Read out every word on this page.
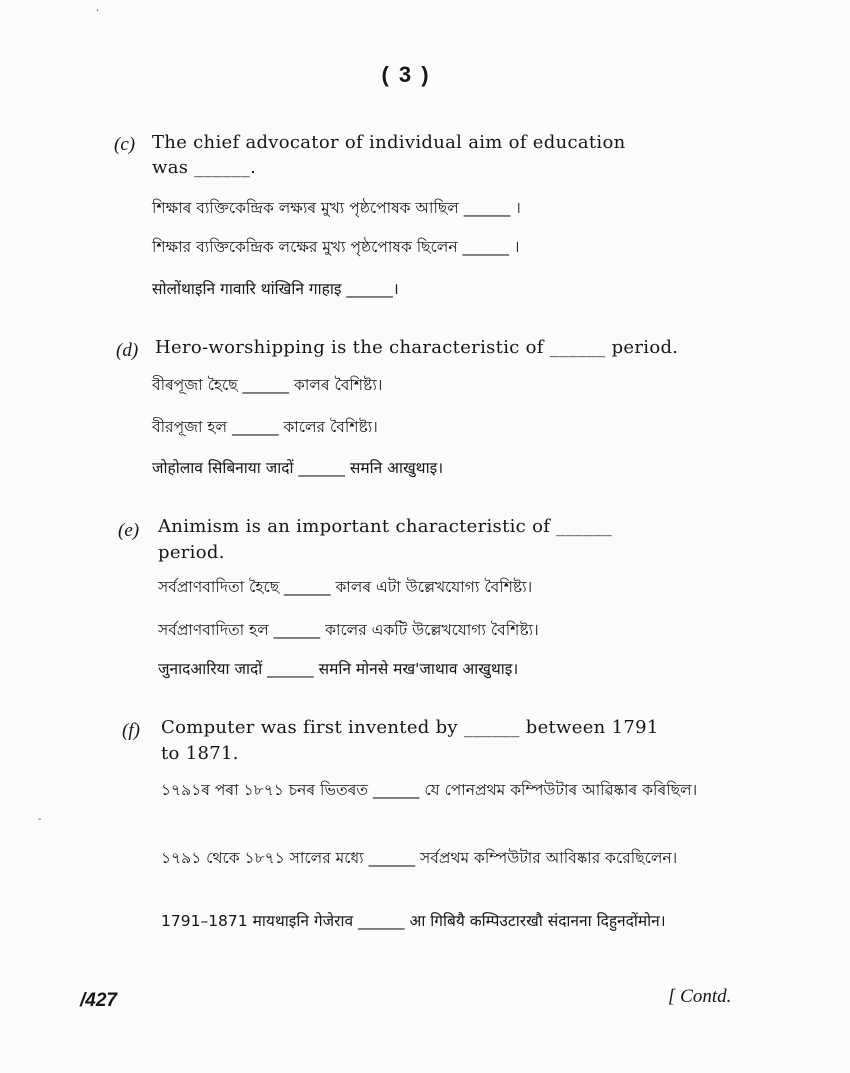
( 3 )
(c) The chief advocator of individual aim of education
was ______.
শিক্ষাৰ ব্যক্তিকেন্দ্রিক লক্ষ্যৰ মুখ্য পৃষ্ঠপোষক আছিল ______ ।
শিক্ষার ব্যক্তিকেন্দ্রিক লক্ষের মুখ্য পৃষ্ঠপোষক ছিলেন ______ ।
सोलोंथाइनि गावारि थांखिनि गाहाइ ______।
(d) Hero-worshipping is the characteristic of ______ period.
বীৰপূজা হৈছে ______ কালৰ বৈশিষ্ট্য।
বীরপূজা হল ______ কালের বৈশিষ্ট্য।
जोहोलाव सिबिनाया जादों ______ समनि आखुथाइ।
(e) Animism is an important characteristic of ______
period.
সৰ্বপ্ৰাণবাদিতা হৈছে ______ কালৰ এটা উল্লেখযোগ্য বৈশিষ্ট্য।
সর্বপ্রাণবাদিতা হল ______ কালের একটি উল্লেখযোগ্য বৈশিষ্ট্য।
जुनादआरिया जादों ______ समनि मोनसे मख'जाथाव आखुथाइ।
(f) Computer was first invented by ______ between 1791
to 1871.
১৭৯১ৰ পৰা ১৮৭১ চনৰ ভিতৰত ______ যে পোনপ্ৰথম কম্পিউটাৰ আৱিষ্কাৰ কৰিছিল।
১৭৯১ থেকে ১৮৭১ সালের মধ্যে ______ সর্বপ্রথম কম্পিউটার আবিষ্কার করেছিলেন।
1791–1871 मायथाइनि गेजेराव ______ आ गिबियै कम्पिउटारखौ संदानना दिहुनदोंमोन।
/427	[ Contd.
·
-
